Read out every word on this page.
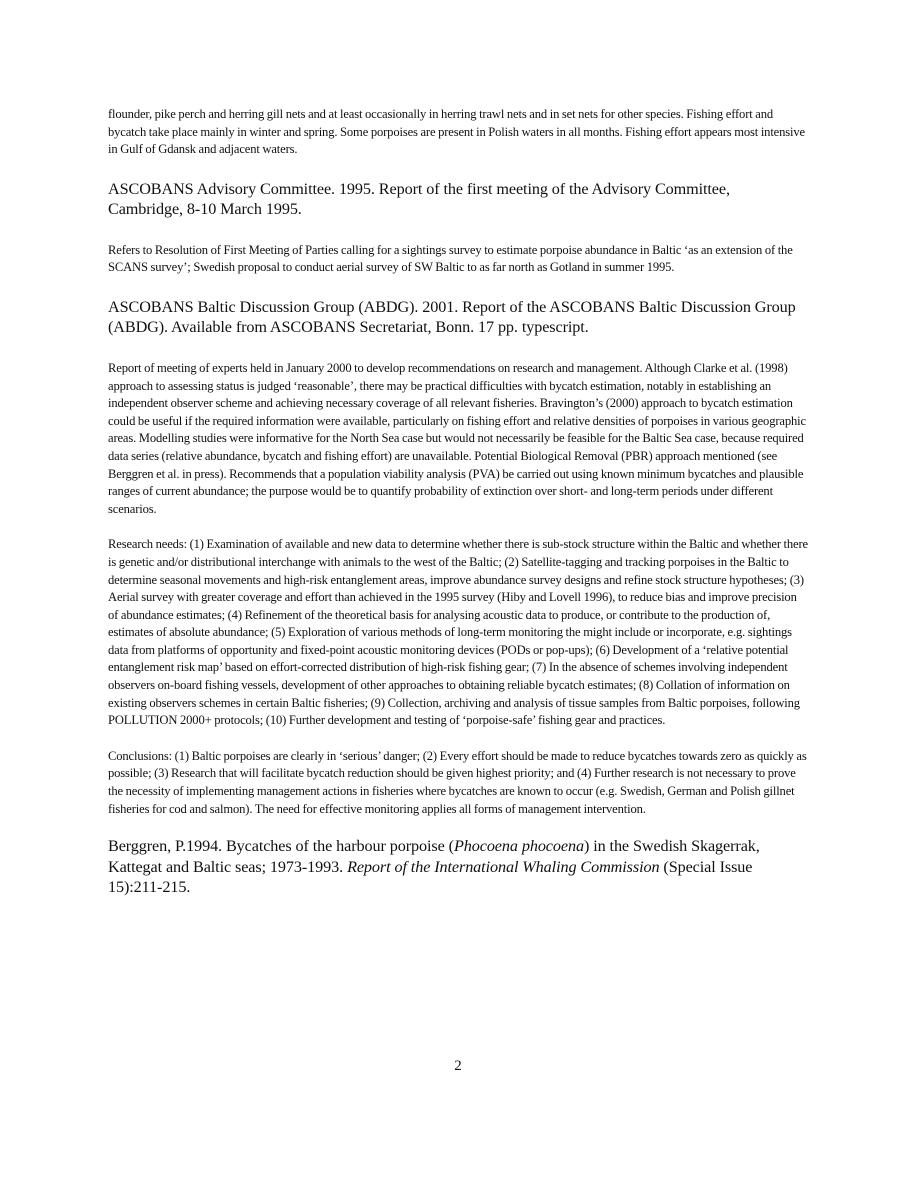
flounder, pike perch and herring gill nets and at least occasionally in herring trawl nets and in set nets for other species. Fishing effort and bycatch take place mainly in winter and spring. Some porpoises are present in Polish waters in all months. Fishing effort appears most intensive in Gulf of Gdansk and adjacent waters.

ASCOBANS Advisory Committee. 1995. Report of the first meeting of the Advisory Committee, Cambridge, 8-10 March 1995.

Refers to Resolution of First Meeting of Parties calling for a sightings survey to estimate porpoise abundance in Baltic ‘as an extension of the SCANS survey’; Swedish proposal to conduct aerial survey of SW Baltic to as far north as Gotland in summer 1995.

ASCOBANS Baltic Discussion Group (ABDG). 2001. Report of the ASCOBANS Baltic Discussion Group (ABDG). Available from ASCOBANS Secretariat, Bonn. 17 pp. typescript.

Report of meeting of experts held in January 2000 to develop recommendations on research and management. Although Clarke et al. (1998) approach to assessing status is judged ‘reasonable’, there may be practical difficulties with bycatch estimation, notably in establishing an independent observer scheme and achieving necessary coverage of all relevant fisheries. Bravington’s (2000) approach to bycatch estimation could be useful if the required information were available, particularly on fishing effort and relative densities of porpoises in various geographic areas. Modelling studies were informative for the North Sea case but would not necessarily be feasible for the Baltic Sea case, because required data series (relative abundance, bycatch and fishing effort) are unavailable. Potential Biological Removal (PBR) approach mentioned (see Berggren et al. in press). Recommends that a population viability analysis (PVA) be carried out using known minimum bycatches and plausible ranges of current abundance; the purpose would be to quantify probability of extinction over short- and long-term periods under different scenarios.

Research needs: (1) Examination of available and new data to determine whether there is sub-stock structure within the Baltic and whether there is genetic and/or distributional interchange with animals to the west of the Baltic; (2) Satellite-tagging and tracking porpoises in the Baltic to determine seasonal movements and high-risk entanglement areas, improve abundance survey designs and refine stock structure hypotheses; (3) Aerial survey with greater coverage and effort than achieved in the 1995 survey (Hiby and Lovell 1996), to reduce bias and improve precision of abundance estimates; (4) Refinement of the theoretical basis for analysing acoustic data to produce, or contribute to the production of, estimates of absolute abundance; (5) Exploration of various methods of long-term monitoring the might include or incorporate, e.g. sightings data from platforms of opportunity and fixed-point acoustic monitoring devices (PODs or pop-ups); (6) Development of a ‘relative potential entanglement risk map’ based on effort-corrected distribution of high-risk fishing gear; (7) In the absence of schemes involving independent observers on-board fishing vessels, development of other approaches to obtaining reliable bycatch estimates; (8) Collation of information on existing observers schemes in certain Baltic fisheries; (9) Collection, archiving and analysis of tissue samples from Baltic porpoises, following POLLUTION 2000+ protocols; (10) Further development and testing of ‘porpoise-safe’ fishing gear and practices.

Conclusions: (1) Baltic porpoises are clearly in ‘serious’ danger; (2) Every effort should be made to reduce bycatches towards zero as quickly as possible; (3) Research that will facilitate bycatch reduction should be given highest priority; and (4) Further research is not necessary to prove the necessity of implementing management actions in fisheries where bycatches are known to occur (e.g. Swedish, German and Polish gillnet fisheries for cod and salmon). The need for effective monitoring applies all forms of management intervention.

Berggren, P.1994. Bycatches of the harbour porpoise (Phocoena phocoena) in the Swedish Skagerrak, Kattegat and Baltic seas; 1973-1993. Report of the International Whaling Commission (Special Issue 15):211-215.

2
